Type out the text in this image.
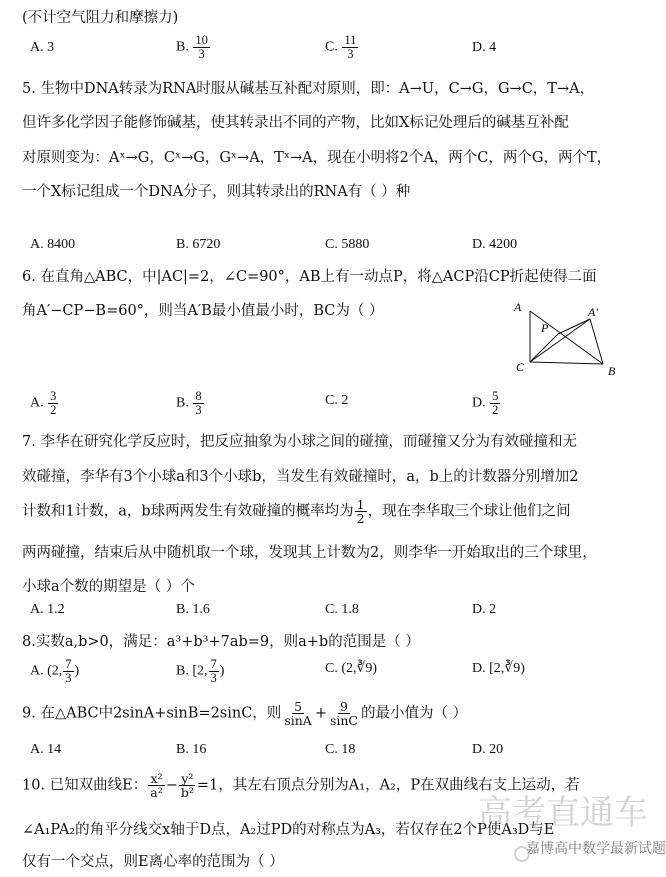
(不计空气阻力和摩擦力)
A. 3	B. $\frac{10}{3}$	C. $\frac{11}{3}$	D. 4
5. 生物中DNA转录为RNA时服从碱基互补配对原则，即：A→U，C→G，G→C，T→A，
但许多化学因子能修饰碱基，使其转录出不同的产物，比如X标记处理后的碱基互补配
对原则变为：Aˣ→G，Cˣ→G，Gˣ→A，Tˣ→A，现在小明将2个A，两个C，两个G，两个T，
一个X标记组成一个DNA分子，则其转录出的RNA有（ ）种
A. 8400	B. 6720	C. 5880	D. 4200
6. 在直角△ABC，中|AC|=2，∠C=90°，AB上有一动点P，将△ACP沿CP折起使得二面
角A′−CP−B=60°，则当A′B最小值最小时，BC为（ ）	A
P
A′
C	B
A. $\frac{3}{2}$	B. $\frac{8}{3}$	C. 2	D. $\frac{5}{2}$
7. 李华在研究化学反应时，把反应抽象为小球之间的碰撞，而碰撞又分为有效碰撞和无
效碰撞，李华有3个小球a和3个小球b，当发生有效碰撞时，a，b上的计数器分别增加2
计数和1计数，a，b球两两发生有效碰撞的概率均为 $\frac{1}{2}$ ，现在李华取三个球让他们之间
两两碰撞，结束后从中随机取一个球，发现其上计数为2，则李华一开始取出的三个球里，
小球a个数的期望是（ ）个
A. 1.2	B. 1.6	C. 1.8	D. 2
8.实数a,b>0，满足：a³+b³+7ab=9，则a+b的范围是（ ）
A. (2, $\frac{7}{3}$ )	B. [2, $\frac{7}{3}$ )	C. (2,∛9)	D. [2,∛9)
9. 在△ABC中2sinA+sinB=2sinC，则 $\frac{5}{\sin A} + \frac{9}{\sin C}$ 的最小值为（ ）
A. 14	B. 16	C. 18	D. 20
10. 已知双曲线E： $\frac{\text{x²}}{\text{a²}} - \frac{\text{y²}}{\text{b²}} =1$，其左右顶点分别为A₁，A₂，P在双曲线右支上运动，若
∠A₁PA₂的角平分线交x轴于D点，A₂过PD的对称点为A₃，若仅存在2个P使A₃D与E
仅有一个交点，则E离心率的范围为（ ）
高考直通车
嘉博高中数学最新试题
